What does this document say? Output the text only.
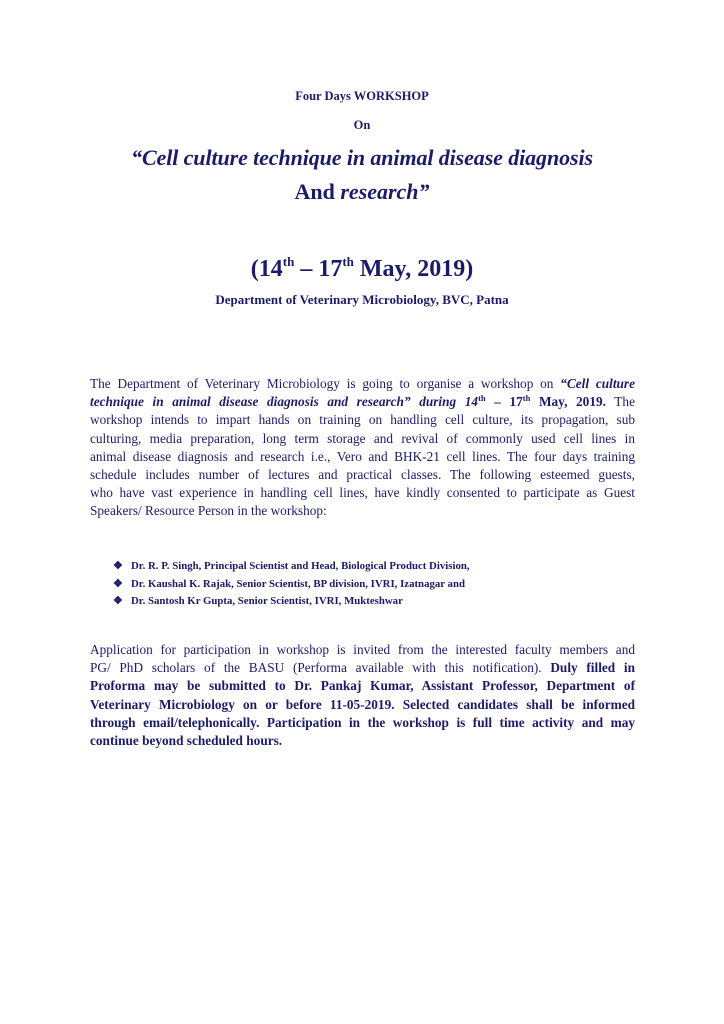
Four Days WORKSHOP
On
“Cell culture technique in animal disease diagnosis
And research”
(14th – 17th May, 2019)
Department of Veterinary Microbiology, BVC, Patna
The Department of Veterinary Microbiology is going to organise a workshop on “Cell culture
technique in animal disease diagnosis and research” during 14th – 17th May, 2019. The
workshop intends to impart hands on training on handling cell culture, its propagation, sub
culturing, media preparation, long term storage and revival of commonly used cell lines in
animal disease diagnosis and research i.e., Vero and BHK-21 cell lines. The four days training
schedule includes number of lectures and practical classes. The following esteemed guests,
who have vast experience in handling cell lines, have kindly consented to participate as Guest
Speakers/ Resource Person in the workshop:
❖ Dr. R. P. Singh, Principal Scientist and Head, Biological Product Division,
❖ Dr. Kaushal K. Rajak, Senior Scientist, BP division, IVRI, Izatnagar and
❖ Dr. Santosh Kr Gupta, Senior Scientist, IVRI, Mukteshwar
Application for participation in workshop is invited from the interested faculty members and
PG/ PhD scholars of the BASU (Performa available with this notification). Duly filled in
Proforma may be submitted to Dr. Pankaj Kumar, Assistant Professor, Department of
Veterinary Microbiology on or before 11-05-2019. Selected candidates shall be informed
through email/telephonically. Participation in the workshop is full time activity and may
continue beyond scheduled hours.
